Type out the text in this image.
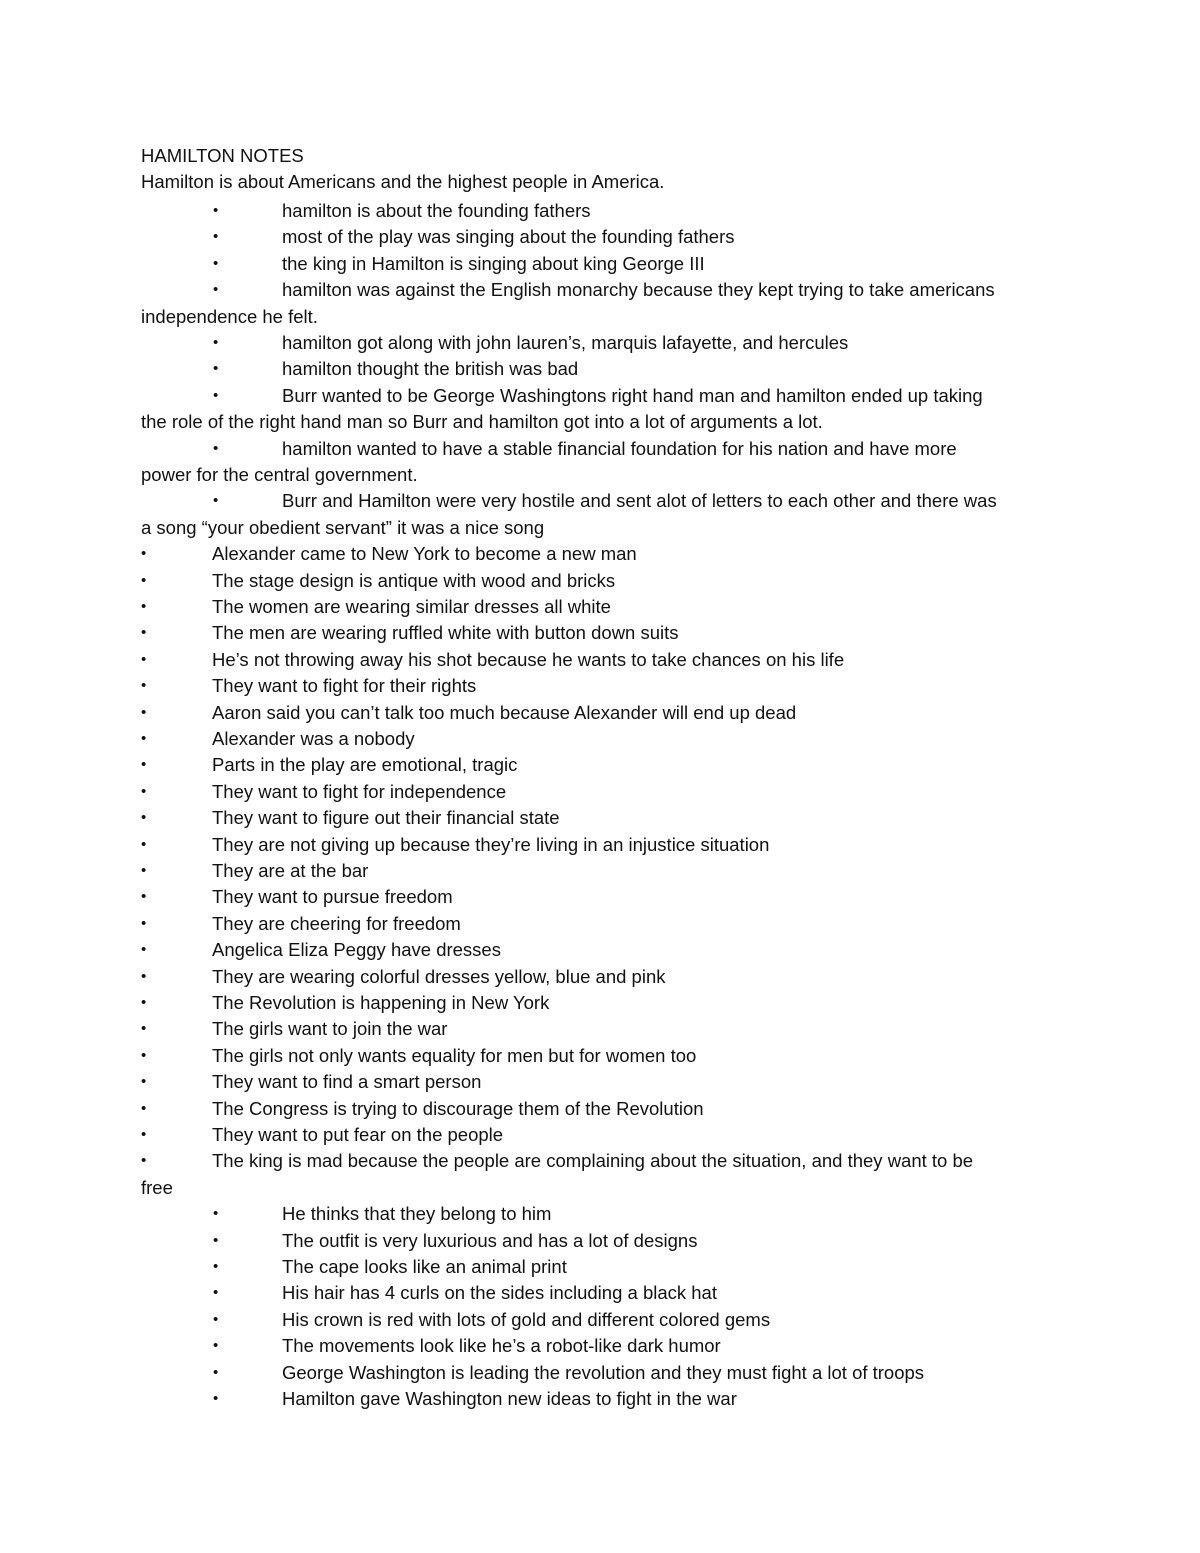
HAMILTON NOTES
Hamilton is about Americans and the highest people in America.
•	hamilton is about the founding fathers
•	most of the play was singing about the founding fathers
•	the king in Hamilton is singing about king George III
•	hamilton was against the English monarchy because they kept trying to take americans
independence he felt.
•	hamilton got along with john lauren’s, marquis lafayette, and hercules
•	hamilton thought the british was bad
•	Burr wanted to be George Washingtons right hand man and hamilton ended up taking
the role of the right hand man so Burr and hamilton got into a lot of arguments a lot.
•	hamilton wanted to have a stable financial foundation for his nation and have more
power for the central government.
•	Burr and Hamilton were very hostile and sent alot of letters to each other and there was
a song “your obedient servant” it was a nice song
•	Alexander came to New York to become a new man
•	The stage design is antique with wood and bricks
•	The women are wearing similar dresses all white
•	The men are wearing ruffled white with button down suits
•	He’s not throwing away his shot because he wants to take chances on his life
•	They want to fight for their rights
•	Aaron said you can’t talk too much because Alexander will end up dead
•	Alexander was a nobody
•	Parts in the play are emotional, tragic
•	They want to fight for independence
•	They want to figure out their financial state
•	They are not giving up because they’re living in an injustice situation
•	They are at the bar
•	They want to pursue freedom
•	They are cheering for freedom
•	Angelica Eliza Peggy have dresses
•	They are wearing colorful dresses yellow, blue and pink
•	The Revolution is happening in New York
•	The girls want to join the war
•	The girls not only wants equality for men but for women too
•	They want to find a smart person
•	The Congress is trying to discourage them of the Revolution
•	They want to put fear on the people
•	The king is mad because the people are complaining about the situation, and they want to be
free
•	He thinks that they belong to him
•	The outfit is very luxurious and has a lot of designs
•	The cape looks like an animal print
•	His hair has 4 curls on the sides including a black hat
•	His crown is red with lots of gold and different colored gems
•	The movements look like he’s a robot-like dark humor
•	George Washington is leading the revolution and they must fight a lot of troops
•	Hamilton gave Washington new ideas to fight in the war
